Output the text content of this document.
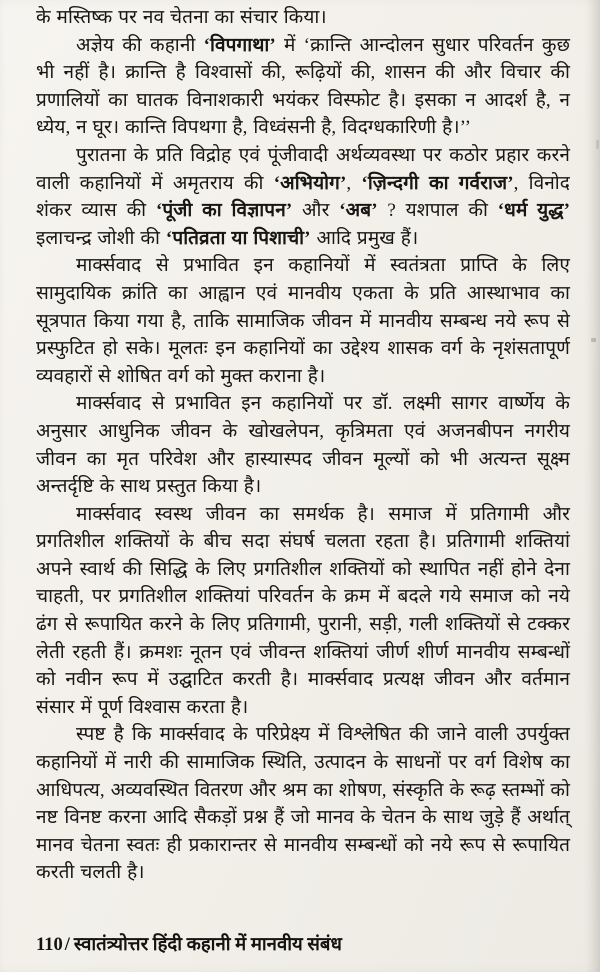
के मस्तिष्क पर नव चेतना का संचार किया।

अज्ञेय की कहानी ‘विपगाथा’ में ‘क्रान्ति आन्दोलन सुधार परिवर्तन कुछ भी नहीं है। क्रान्ति है विश्वासों की, रूढ़ियों की, शासन की और विचार की प्रणालियों का घातक विनाशकारी भयंकर विस्फोट है। इसका न आदर्श है, न ध्येय, न घूर। कान्ति विपथगा है, विध्वंसनी है, विदग्धकारिणी है।’’

पुरातना के प्रति विद्रोह एवं पूंजीवादी अर्थव्यवस्था पर कठोर प्रहार करने वाली कहानियों में अमृतराय की ‘अभियोग’, ‘ज़िन्दगी का गर्वराज’, विनोद शंकर व्यास की ‘पूंजी का विज्ञापन’ और ‘अब’ ? यशपाल की ‘धर्म युद्ध’ इलाचन्द्र जोशी की ‘पतिव्रता या पिशाची’ आदि प्रमुख हैं।

मार्क्सवाद से प्रभावित इन कहानियों में स्वतंत्रता प्राप्ति के लिए सामुदायिक क्रांति का आह्वान एवं मानवीय एकता के प्रति आस्थाभाव का सूत्रपात किया गया है, ताकि सामाजिक जीवन में मानवीय सम्बन्ध नये रूप से प्रस्फुटित हो सके। मूलतः इन कहानियों का उद्देश्य शासक वर्ग के नृशंसतापूर्ण व्यवहारों से शोषित वर्ग को मुक्त कराना है।

मार्क्सवाद से प्रभावित इन कहानियों पर डॉ. लक्ष्मी सागर वार्ष्णेय के अनुसार आधुनिक जीवन के खोखलेपन, कृत्रिमता एवं अजनबीपन नगरीय जीवन का मृत परिवेश और हास्यास्पद जीवन मूल्यों को भी अत्यन्त सूक्ष्म अन्तर्दृष्टि के साथ प्रस्तुत किया है।

मार्क्सवाद स्वस्थ जीवन का समर्थक है। समाज में प्रतिगामी और प्रगतिशील शक्तियों के बीच सदा संघर्ष चलता रहता है। प्रतिगामी शक्तियां अपने स्वार्थ की सिद्धि के लिए प्रगतिशील शक्तियों को स्थापित नहीं होने देना चाहती, पर प्रगतिशील शक्तियां परिवर्तन के क्रम में बदले गये समाज को नये ढंग से रूपायित करने के लिए प्रतिगामी, पुरानी, सड़ी, गली शक्तियों से टक्कर लेती रहती हैं। क्रमशः नूतन एवं जीवन्त शक्तियां जीर्ण शीर्ण मानवीय सम्बन्धों को नवीन रूप में उद्घाटित करती है। मार्क्सवाद प्रत्यक्ष जीवन और वर्तमान संसार में पूर्ण विश्वास करता है।

स्पष्ट है कि मार्क्सवाद के परिप्रेक्ष्य में विश्लेषित की जाने वाली उपर्युक्त कहानियों में नारी की सामाजिक स्थिति, उत्पादन के साधनों पर वर्ग विशेष का आधिपत्य, अव्यवस्थित वितरण और श्रम का शोषण, संस्कृति के रूढ़ स्तम्भों को नष्ट विनष्ट करना आदि सैकड़ों प्रश्न हैं जो मानव के चेतन के साथ जुड़े हैं अर्थात् मानव चेतना स्वतः ही प्रकारान्तर से मानवीय सम्बन्धों को नये रूप से रूपायित करती चलती है।

110 / स्वातंत्र्योत्तर हिंदी कहानी में मानवीय संबंध
